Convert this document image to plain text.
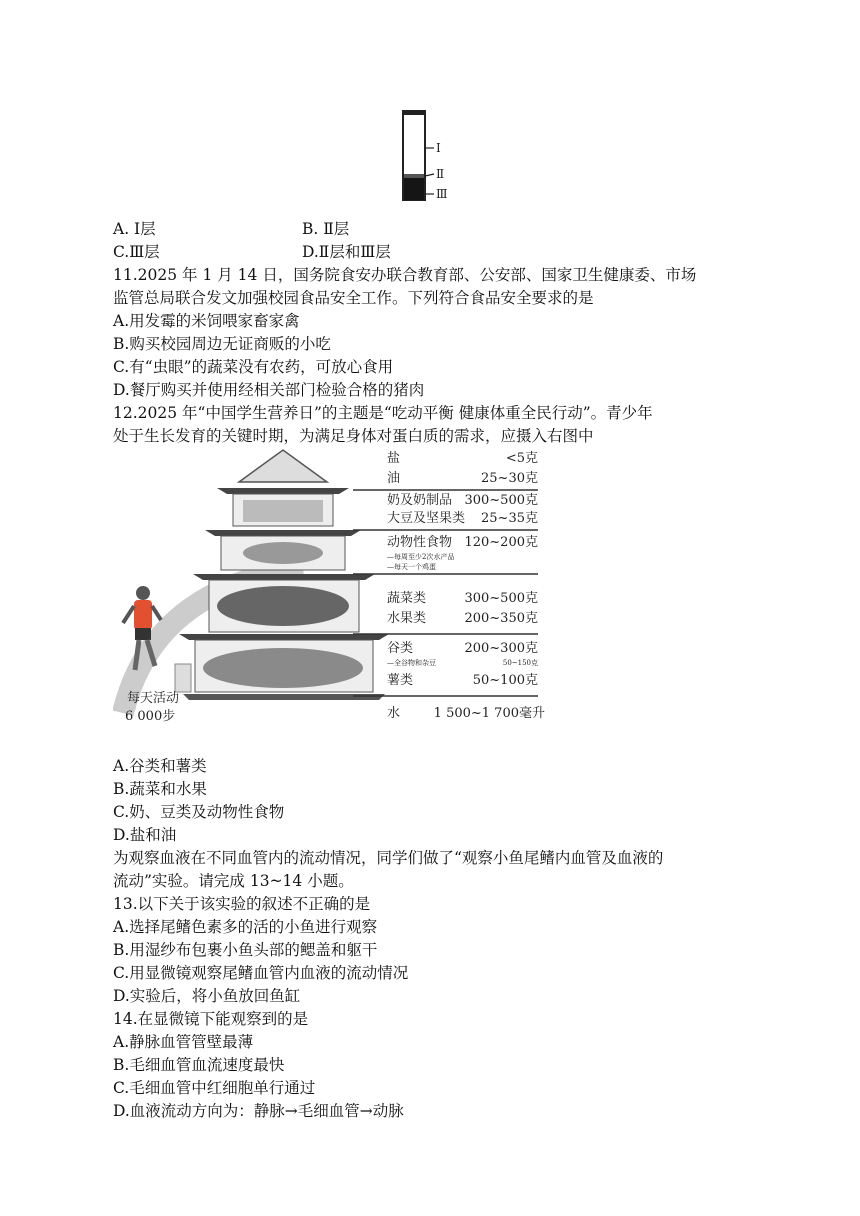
Ⅰ
Ⅱ
Ⅲ
A. Ⅰ层	B. Ⅱ层
C.Ⅲ层	D.Ⅱ层和Ⅲ层
11.2025 年 1 月 14 日，国务院食安办联合教育部、公安部、国家卫生健康委、市场
监管总局联合发文加强校园食品安全工作。下列符合食品安全要求的是
A.用发霉的米饲喂家畜家禽
B.购买校园周边无证商贩的小吃
C.有“虫眼”的蔬菜没有农药，可放心食用
D.餐厅购买并使用经相关部门检验合格的猪肉
12.2025 年“中国学生营养日”的主题是“吃动平衡 健康体重全民行动”。青少年
处于生长发育的关键时期，为满足身体对蛋白质的需求，应摄入右图中
盐	<5克
油	25~30克
奶及奶制品 300~500克
大豆及坚果类 25~35克
动物性食物 120~200克
—每周至少2次水产品
—每天一个鸡蛋
蔬菜类	300~500克
水果类	200~350克
谷类	200~300克
—全谷物和杂豆	50~150克
薯类	50~100克
水	1 500~1 700毫升
每天活动
6 000步
A.谷类和薯类
B.蔬菜和水果
C.奶、豆类及动物性食物
D.盐和油
为观察血液在不同血管内的流动情况，同学们做了“观察小鱼尾鳍内血管及血液的
流动”实验。请完成 13~14 小题。
13.以下关于该实验的叙述不正确的是
A.选择尾鳍色素多的活的小鱼进行观察
B.用湿纱布包裹小鱼头部的鳃盖和躯干
C.用显微镜观察尾鳍血管内血液的流动情况
D.实验后，将小鱼放回鱼缸
14.在显微镜下能观察到的是
A.静脉血管管壁最薄
B.毛细血管血流速度最快
C.毛细血管中红细胞单行通过
D.血液流动方向为：静脉→毛细血管→动脉
